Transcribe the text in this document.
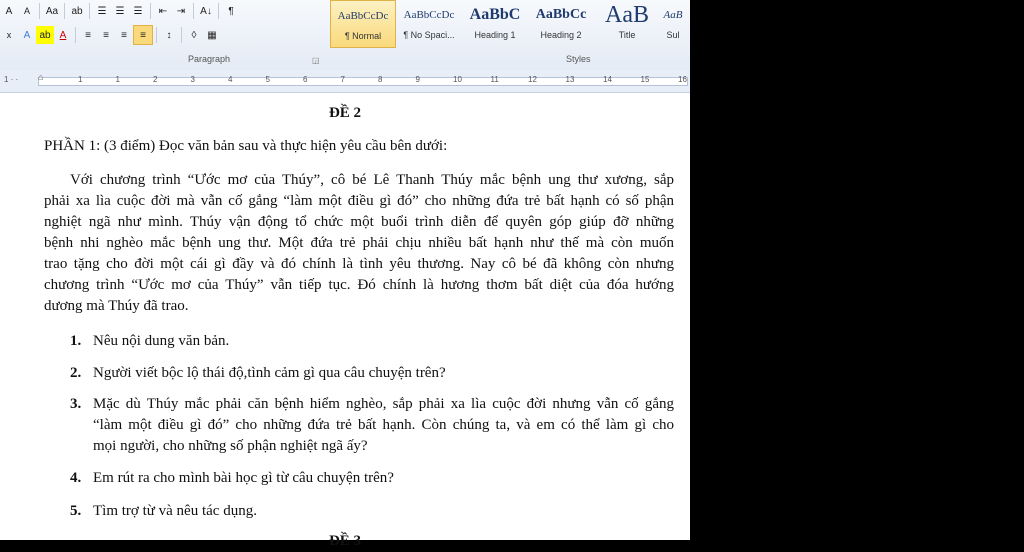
A	A	Aa	ab	☰ ☰ ☰	⇤ ⇥	A↓	¶
x	A ab A	≡	≡	≡	≡	↕	◊	▦
Paragraph	◲
AaBbCcDc
¶ Normal
AaBbCcDc
¶ No Spaci...
AaBbC
Heading 1
AaBbCc
Heading 2
AaB
Title
AaB
Sul
Styles
1 · · ⌂	1	1	2	3	4	5	6	7	8	9	10	11	12	13	14	15	16
ĐỀ 2
PHẦN 1: (3 điểm) Đọc văn bản sau và thực hiện yêu cầu bên dưới:
Với chương trình “Ước mơ của Thúy”, cô bé Lê Thanh Thúy mắc bệnh ung thư xương, sắp
phải xa lìa cuộc đời mà vẫn cố gắng “làm một điều gì đó” cho những đứa trẻ bất hạnh có số phận
nghiệt ngã như mình. Thúy vận động tổ chức một buổi trình diễn để quyên góp giúp đỡ những
bệnh nhi nghèo mắc bệnh ung thư. Một đứa trẻ phải chịu nhiều bất hạnh như thế mà còn muốn
trao tặng cho đời một cái gì đầy và đó chính là tình yêu thương. Nay cô bé đã không còn nhưng
chương trình “Ước mơ của Thúy” vẫn tiếp tục. Đó chính là hương thơm bất diệt của đóa hướng
dương mà Thúy đã trao.
1. Nêu nội dung văn bản.
2. Người viết bộc lộ thái độ,tình cảm gì qua câu chuyện trên?
3. Mặc dù Thúy mắc phải căn bệnh hiểm nghèo, sắp phải xa lìa cuộc đời nhưng vẫn cố gắng
“làm một điều gì đó” cho những đứa trẻ bất hạnh. Còn chúng ta, và em có thể làm gì cho
mọi người, cho những số phận nghiệt ngã ấy?
4. Em rút ra cho mình bài học gì từ câu chuyện trên?
5. Tìm trợ từ và nêu tác dụng.
ĐỀ 3
